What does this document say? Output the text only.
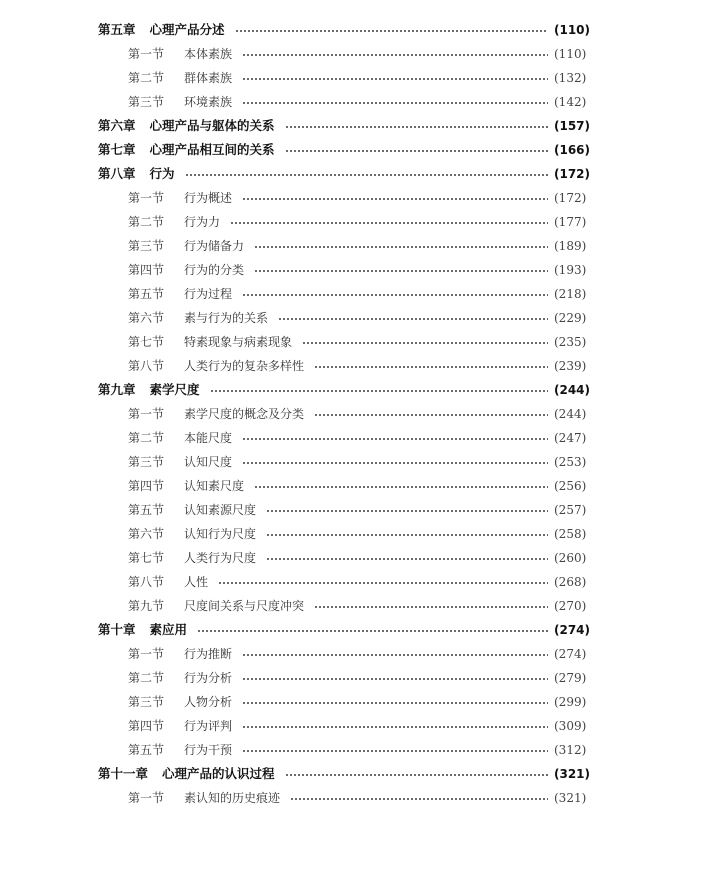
第五章 心理产品分述	(110)
第一节 本体素族	(110)
第二节 群体素族	(132)
第三节 环境素族	(142)
第六章 心理产品与躯体的关系	(157)
第七章 心理产品相互间的关系	(166)
第八章 行为	(172)
第一节 行为概述	(172)
第二节 行为力	(177)
第三节 行为储备力	(189)
第四节 行为的分类	(193)
第五节 行为过程	(218)
第六节 素与行为的关系	(229)
第七节 特素现象与病素现象	(235)
第八节 人类行为的复杂多样性	(239)
第九章 素学尺度	(244)
第一节 素学尺度的概念及分类	(244)
第二节 本能尺度	(247)
第三节 认知尺度	(253)
第四节 认知素尺度	(256)
第五节 认知素源尺度	(257)
第六节 认知行为尺度	(258)
第七节 人类行为尺度	(260)
第八节 人性	(268)
第九节 尺度间关系与尺度冲突	(270)
第十章 素应用	(274)
第一节 行为推断	(274)
第二节 行为分析	(279)
第三节 人物分析	(299)
第四节 行为评判	(309)
第五节 行为干预	(312)
第十一章 心理产品的认识过程	(321)
第一节 素认知的历史痕迹	(321)
